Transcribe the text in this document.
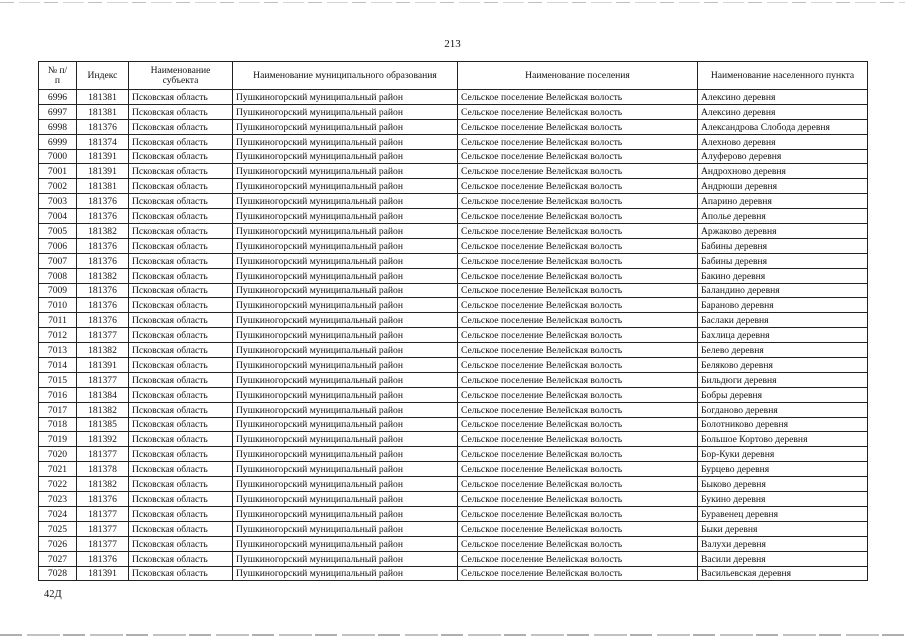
213
№ п/п	Индекс	Наименование субъекта	Наименование муниципального образования	Наименование поселения	Наименование населенного пункта
6996	181381	Псковская область	Пушкиногорский муниципальный район	Сельское поселение Велейская волость	Алексино деревня
6997	181381	Псковская область	Пушкиногорский муниципальный район	Сельское поселение Велейская волость	Алексино деревня
6998	181376	Псковская область	Пушкиногорский муниципальный район	Сельское поселение Велейская волость	Александрова Слобода деревня
6999	181374	Псковская область	Пушкиногорский муниципальный район	Сельское поселение Велейская волость	Алехново деревня
7000	181391	Псковская область	Пушкиногорский муниципальный район	Сельское поселение Велейская волость	Алуферово деревня
7001	181391	Псковская область	Пушкиногорский муниципальный район	Сельское поселение Велейская волость	Андрохново деревня
7002	181381	Псковская область	Пушкиногорский муниципальный район	Сельское поселение Велейская волость	Андрюши деревня
7003	181376	Псковская область	Пушкиногорский муниципальный район	Сельское поселение Велейская волость	Апарино деревня
7004	181376	Псковская область	Пушкиногорский муниципальный район	Сельское поселение Велейская волость	Аполье деревня
7005	181382	Псковская область	Пушкиногорский муниципальный район	Сельское поселение Велейская волость	Аржаково деревня
7006	181376	Псковская область	Пушкиногорский муниципальный район	Сельское поселение Велейская волость	Бабины деревня
7007	181376	Псковская область	Пушкиногорский муниципальный район	Сельское поселение Велейская волость	Бабины деревня
7008	181382	Псковская область	Пушкиногорский муниципальный район	Сельское поселение Велейская волость	Бакино деревня
7009	181376	Псковская область	Пушкиногорский муниципальный район	Сельское поселение Велейская волость	Баландино деревня
7010	181376	Псковская область	Пушкиногорский муниципальный район	Сельское поселение Велейская волость	Бараново деревня
7011	181376	Псковская область	Пушкиногорский муниципальный район	Сельское поселение Велейская волость	Баслаки деревня
7012	181377	Псковская область	Пушкиногорский муниципальный район	Сельское поселение Велейская волость	Бахлица деревня
7013	181382	Псковская область	Пушкиногорский муниципальный район	Сельское поселение Велейская волость	Белево деревня
7014	181391	Псковская область	Пушкиногорский муниципальный район	Сельское поселение Велейская волость	Беляково деревня
7015	181377	Псковская область	Пушкиногорский муниципальный район	Сельское поселение Велейская волость	Бильдюги деревня
7016	181384	Псковская область	Пушкиногорский муниципальный район	Сельское поселение Велейская волость	Бобры деревня
7017	181382	Псковская область	Пушкиногорский муниципальный район	Сельское поселение Велейская волость	Богданово деревня
7018	181385	Псковская область	Пушкиногорский муниципальный район	Сельское поселение Велейская волость	Болотниково деревня
7019	181392	Псковская область	Пушкиногорский муниципальный район	Сельское поселение Велейская волость	Большое Кортово деревня
7020	181377	Псковская область	Пушкиногорский муниципальный район	Сельское поселение Велейская волость	Бор-Куки деревня
7021	181378	Псковская область	Пушкиногорский муниципальный район	Сельское поселение Велейская волость	Бурцево деревня
7022	181382	Псковская область	Пушкиногорский муниципальный район	Сельское поселение Велейская волость	Быково деревня
7023	181376	Псковская область	Пушкиногорский муниципальный район	Сельское поселение Велейская волость	Букино деревня
7024	181377	Псковская область	Пушкиногорский муниципальный район	Сельское поселение Велейская волость	Буравенец деревня
7025	181377	Псковская область	Пушкиногорский муниципальный район	Сельское поселение Велейская волость	Быки деревня
7026	181377	Псковская область	Пушкиногорский муниципальный район	Сельское поселение Велейская волость	Валухи деревня
7027	181376	Псковская область	Пушкиногорский муниципальный район	Сельское поселение Велейская волость	Васили деревня
7028	181391	Псковская область	Пушкиногорский муниципальный район	Сельское поселение Велейская волость	Васильевская деревня
42Д
